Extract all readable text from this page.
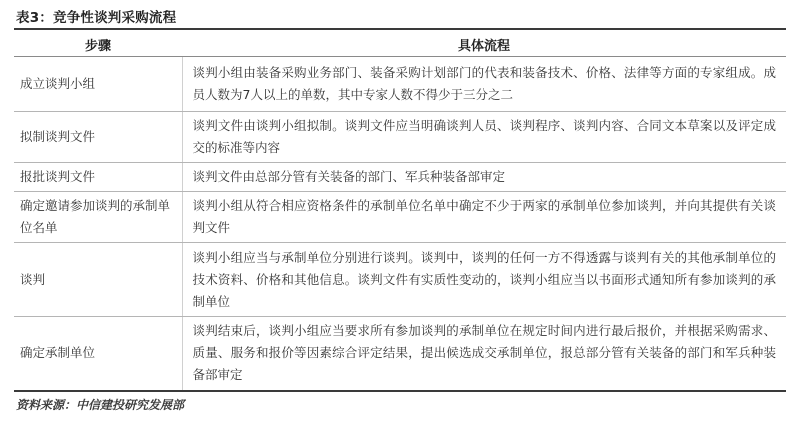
表3：竞争性谈判采购流程
步骤	具体流程
成立谈判小组	谈判小组由装备采购业务部门、装备采购计划部门的代表和装备技术、价格、法律等方面的专家组成。成员人数为7人以上的单数，其中专家人数不得少于三分之二
拟制谈判文件	谈判文件由谈判小组拟制。谈判文件应当明确谈判人员、谈判程序、谈判内容、合同文本草案以及评定成交的标准等内容
报批谈判文件	谈判文件由总部分管有关装备的部门、军兵种装备部审定
确定邀请参加谈判的承制单位名单	谈判小组从符合相应资格条件的承制单位名单中确定不少于两家的承制单位参加谈判，并向其提供有关谈判文件
谈判	谈判小组应当与承制单位分别进行谈判。谈判中，谈判的任何一方不得透露与谈判有关的其他承制单位的技术资料、价格和其他信息。谈判文件有实质性变动的，谈判小组应当以书面形式通知所有参加谈判的承制单位
确定承制单位	谈判结束后，谈判小组应当要求所有参加谈判的承制单位在规定时间内进行最后报价，并根据采购需求、质量、服务和报价等因素综合评定结果，提出候选成交承制单位，报总部分管有关装备的部门和军兵种装备部审定
资料来源：中信建投研究发展部
